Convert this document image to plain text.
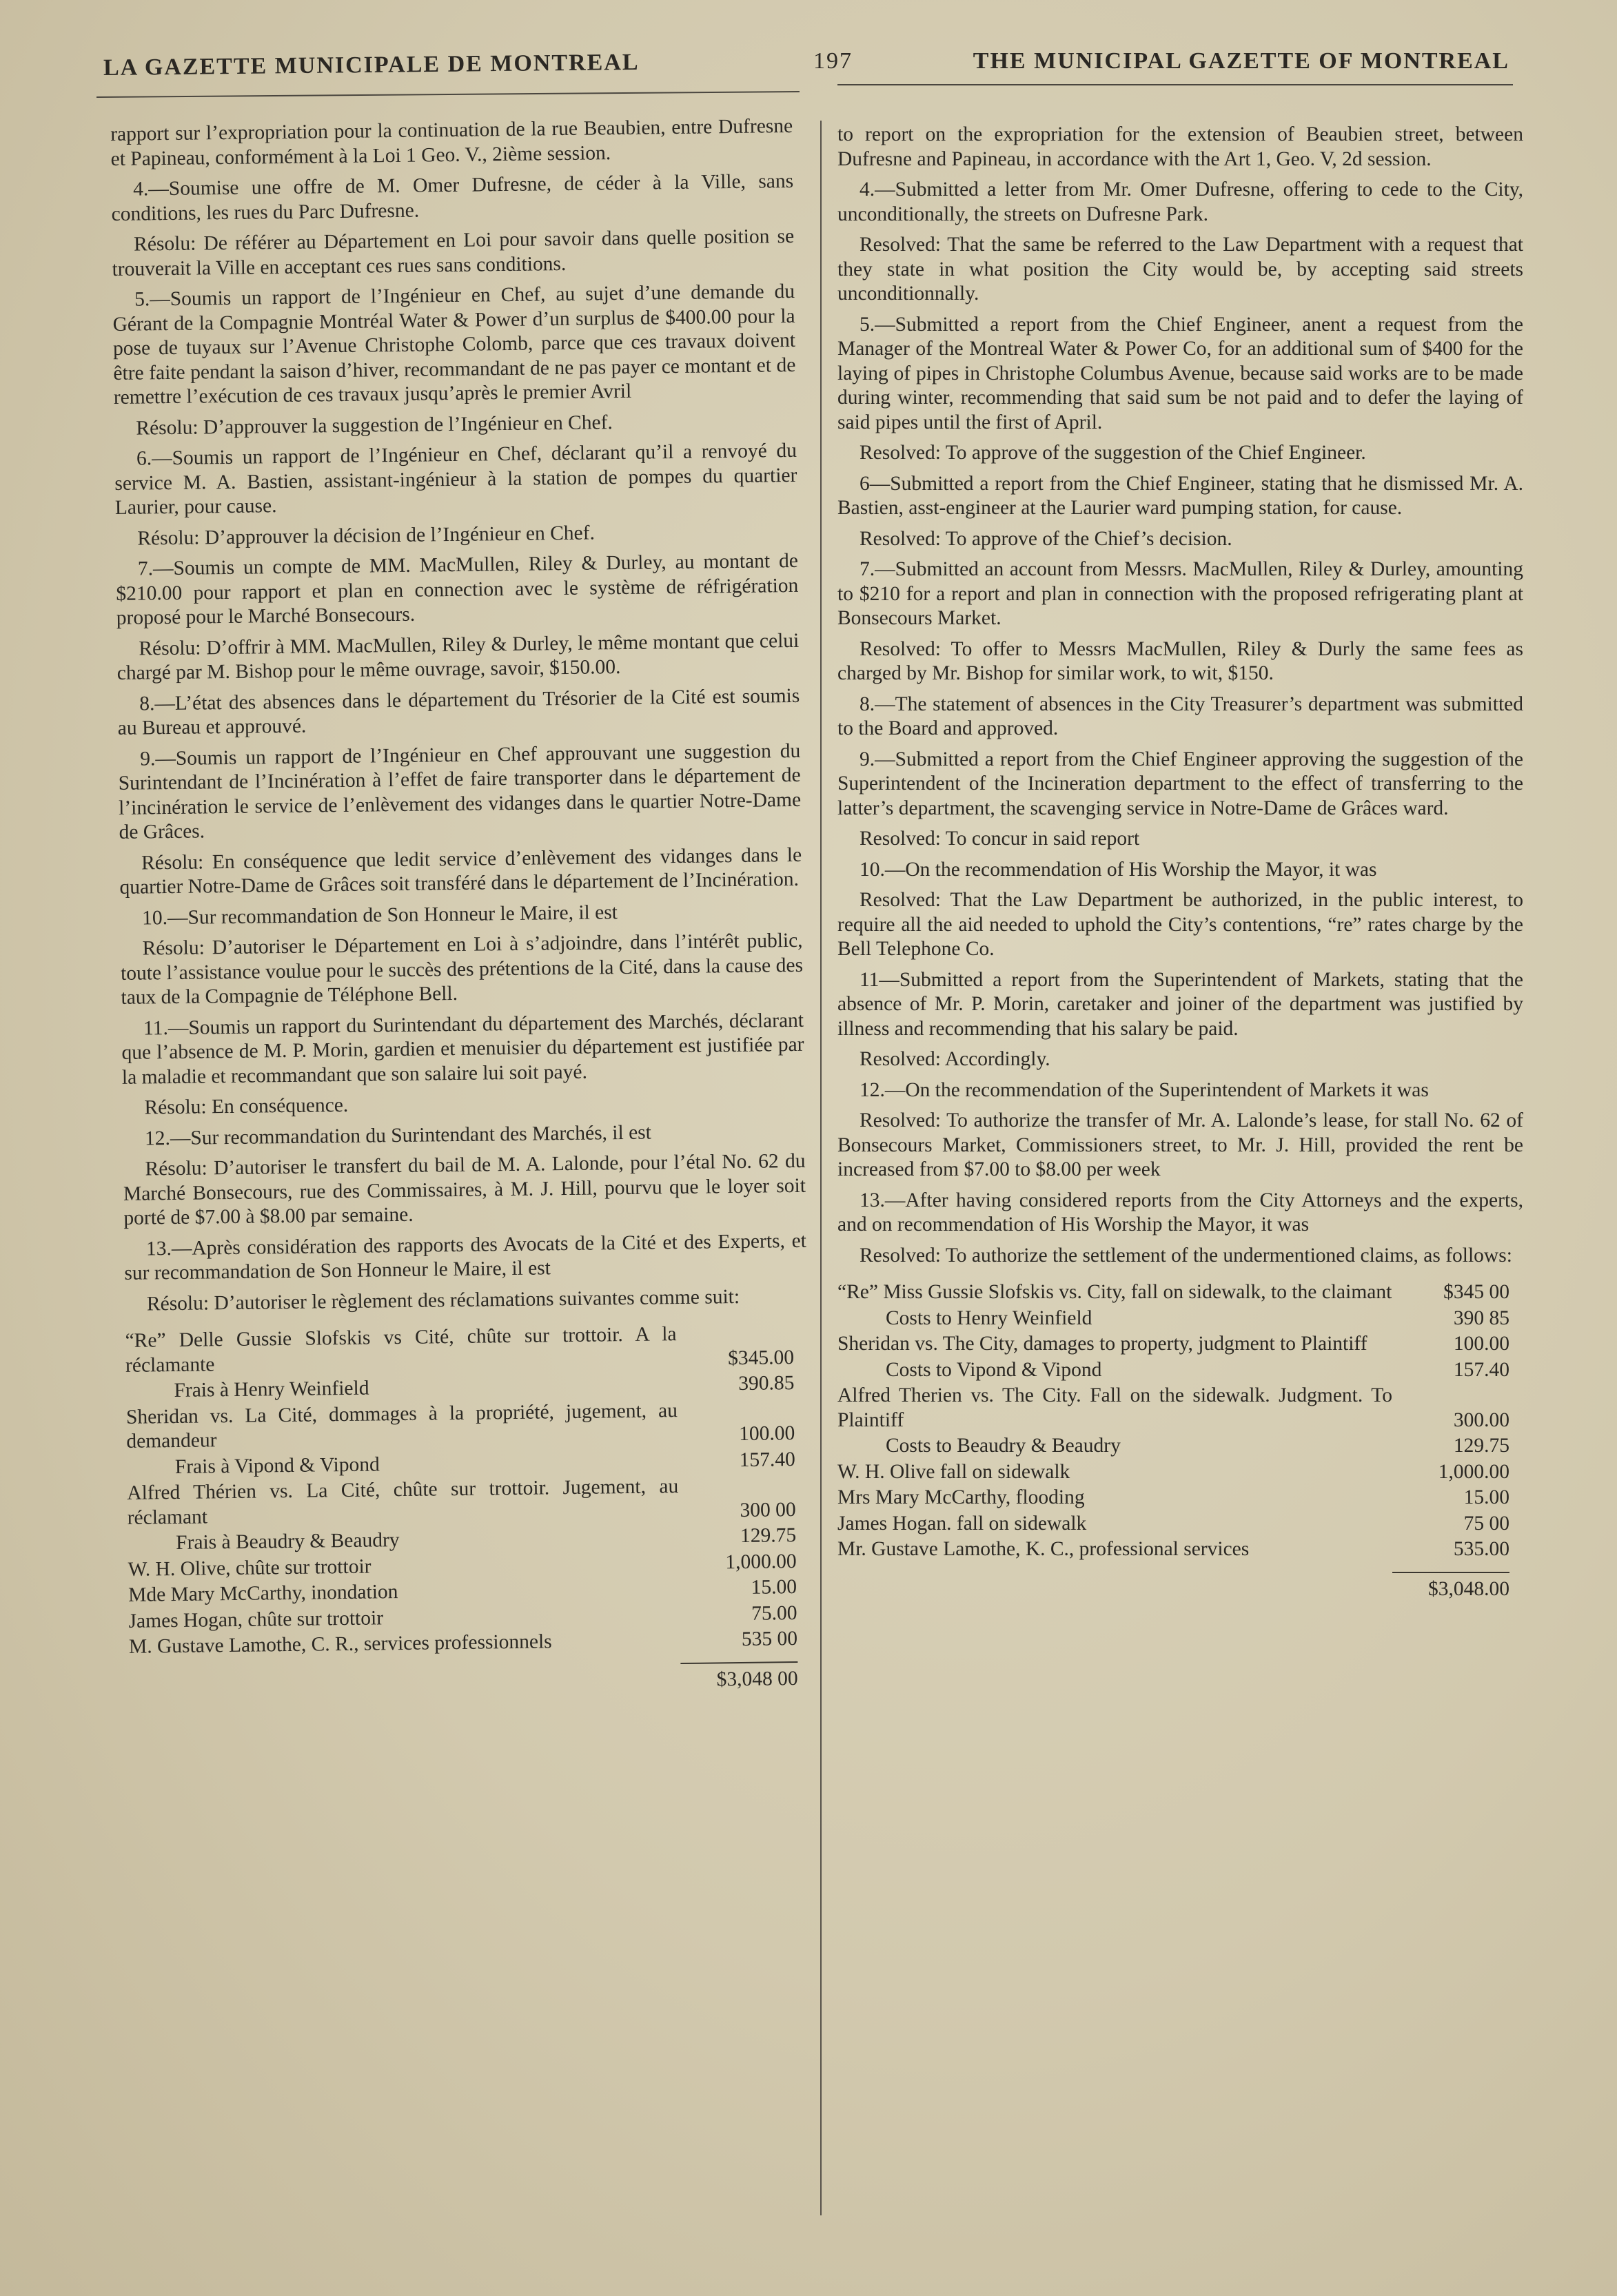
LA GAZETTE MUNICIPALE DE MONTREAL	197	THE MUNICIPAL GAZETTE OF MONTREAL

rapport sur l’expropriation pour la continuation de la rue Beaubien, entre Dufresne et Papineau, conformément à la Loi 1 Geo. V., 2ième session.

4.—Soumise une offre de M. Omer Dufresne, de céder à la Ville, sans conditions, les rues du Parc Dufresne.

Résolu: De référer au Département en Loi pour savoir dans quelle position se trouverait la Ville en acceptant ces rues sans conditions.

5.—Soumis un rapport de l’Ingénieur en Chef, au sujet d’une demande du Gérant de la Compagnie Montréal Water & Power d’un surplus de $400.00 pour la pose de tuyaux sur l’Avenue Christophe Colomb, parce que ces travaux doivent être faite pendant la saison d’hiver, recommandant de ne pas payer ce montant et de remettre l’exécution de ces travaux jusqu’après le premier Avril

Résolu: D’approuver la suggestion de l’Ingénieur en Chef.

6.—Soumis un rapport de l’Ingénieur en Chef, déclarant qu’il a renvoyé du service M. A. Bastien, assistant-ingénieur à la station de pompes du quartier Laurier, pour cause.

Résolu: D’approuver la décision de l’Ingénieur en Chef.

7.—Soumis un compte de MM. MacMullen, Riley & Durley, au montant de $210.00 pour rapport et plan en connection avec le système de réfrigération proposé pour le Marché Bonsecours.

Résolu: D’offrir à MM. MacMullen, Riley & Durley, le même montant que celui chargé par M. Bishop pour le même ouvrage, savoir, $150.00.

8.—L’état des absences dans le département du Trésorier de la Cité est soumis au Bureau et approuvé.

9.—Soumis un rapport de l’Ingénieur en Chef approuvant une suggestion du Surintendant de l’Incinération à l’effet de faire transporter dans le département de l’incinération le service de l’enlèvement des vidanges dans le quartier Notre-Dame de Grâces.

Résolu: En conséquence que ledit service d’enlèvement des vidanges dans le quartier Notre-Dame de Grâces soit transféré dans le département de l’Incinération.

10.—Sur recommandation de Son Honneur le Maire, il est

Résolu: D’autoriser le Département en Loi à s’adjoindre, dans l’intérêt public, toute l’assistance voulue pour le succès des prétentions de la Cité, dans la cause des taux de la Compagnie de Téléphone Bell.

11.—Soumis un rapport du Surintendant du département des Marchés, déclarant que l’absence de M. P. Morin, gardien et menuisier du département est justifiée par la maladie et recommandant que son salaire lui soit payé.

Résolu: En conséquence.

12.—Sur recommandation du Surintendant des Marchés, il est

Résolu: D’autoriser le transfert du bail de M. A. Lalonde, pour l’étal No. 62 du Marché Bonsecours, rue des Commissaires, à M. J. Hill, pourvu que le loyer soit porté de $7.00 à $8.00 par semaine.

13.—Après considération des rapports des Avocats de la Cité et des Experts, et sur recommandation de Son Honneur le Maire, il est

Résolu: D’autoriser le règlement des réclamations suivantes comme suit:

“Re” Delle Gussie Slofskis vs Cité, chûte sur trottoir. A la réclamante	$345.00
Frais à Henry Weinfield	390.85
Sheridan vs. La Cité, dommages à la propriété, jugement, au demandeur	100.00
Frais à Vipond & Vipond	157.40
Alfred Thérien vs. La Cité, chûte sur trottoir. Jugement, au réclamant	300 00
Frais à Beaudry & Beaudry	129.75
W. H. Olive, chûte sur trottoir	1,000.00
Mde Mary McCarthy, inondation	15.00
James Hogan, chûte sur trottoir	75.00
M. Gustave Lamothe, C. R., services professionnels	535 00
$3,048 00

to report on the expropriation for the extension of Beaubien street, between Dufresne and Papineau, in accordance with the Art 1, Geo. V, 2d session.

4.—Submitted a letter from Mr. Omer Dufresne, offering to cede to the City, unconditionally, the streets on Dufresne Park.

Resolved: That the same be referred to the Law Department with a request that they state in what position the City would be, by accepting said streets unconditionnally.

5.—Submitted a report from the Chief Engineer, anent a request from the Manager of the Montreal Water & Power Co, for an additional sum of $400 for the laying of pipes in Christophe Columbus Avenue, because said works are to be made during winter, recommending that said sum be not paid and to defer the laying of said pipes until the first of April.

Resolved: To approve of the suggestion of the Chief Engineer.

6—Submitted a report from the Chief Engineer, stating that he dismissed Mr. A. Bastien, asst-engineer at the Laurier ward pumping station, for cause.

Resolved: To approve of the Chief’s decision.

7.—Submitted an account from Messrs. MacMullen, Riley & Durley, amounting to $210 for a report and plan in connection with the proposed refrigerating plant at Bonsecours Market.

Resolved: To offer to Messrs MacMullen, Riley & Durly the same fees as charged by Mr. Bishop for similar work, to wit, $150.

8.—The statement of absences in the City Treasurer’s department was submitted to the Board and approved.

9.—Submitted a report from the Chief Engineer approving the suggestion of the Superintendent of the Incineration department to the effect of transferring to the latter’s department, the scavenging service in Notre-Dame de Grâces ward.

Resolved: To concur in said report

10.—On the recommendation of His Worship the Mayor, it was

Resolved: That the Law Department be authorized, in the public interest, to require all the aid needed to uphold the City’s contentions, “re” rates charge by the Bell Telephone Co.

11—Submitted a report from the Superintendent of Markets, stating that the absence of Mr. P. Morin, caretaker and joiner of the department was justified by illness and recommending that his salary be paid.

Resolved: Accordingly.

12.—On the recommendation of the Superintendent of Markets it was

Resolved: To authorize the transfer of Mr. A. Lalonde’s lease, for stall No. 62 of Bonsecours Market, Commissioners street, to Mr. J. Hill, provided the rent be increased from $7.00 to $8.00 per week

13.—After having considered reports from the City Attorneys and the experts, and on recommendation of His Worship the Mayor, it was

Resolved: To authorize the settlement of the undermentioned claims, as follows:

“Re” Miss Gussie Slofskis vs. City, fall on sidewalk, to the claimant	$345 00
Costs to Henry Weinfield	390 85
Sheridan vs. The City, damages to property, judgment to Plaintiff	100.00
Costs to Vipond & Vipond	157.40
Alfred Therien vs. The City. Fall on the sidewalk. Judgment. To Plaintiff	300.00
Costs to Beaudry & Beaudry	129.75
W. H. Olive fall on sidewalk	1,000.00
Mrs Mary McCarthy, flooding	15.00
James Hogan. fall on sidewalk	75 00
Mr. Gustave Lamothe, K. C., professional services	535.00
$3,048.00
